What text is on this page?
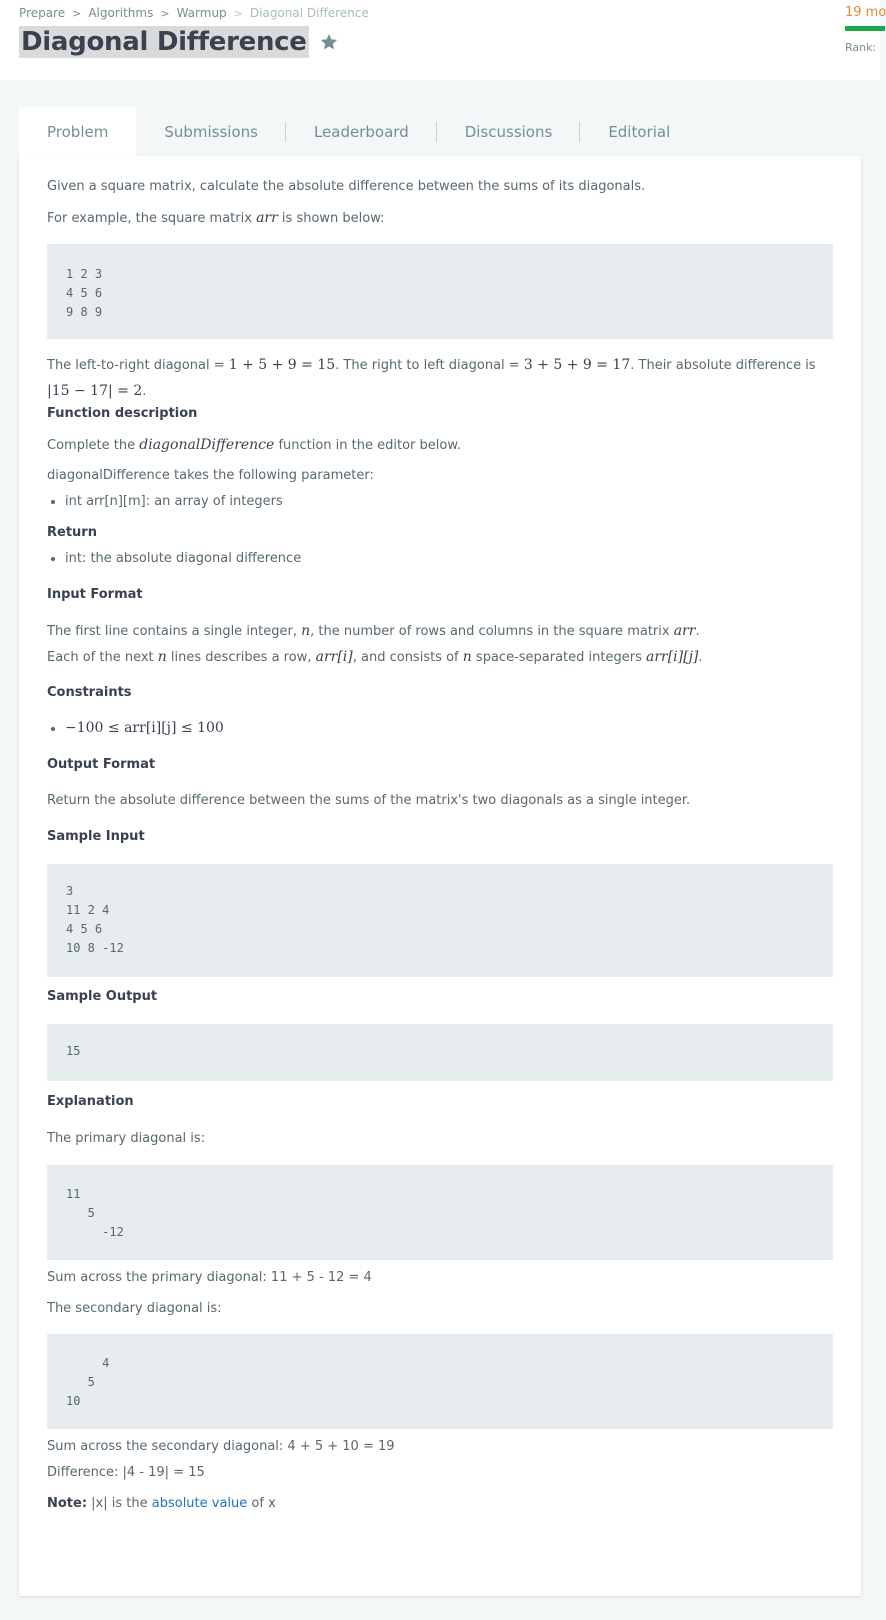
Prepare > Algorithms > Warmup > Diagonal Difference
Diagonal Difference
19 mo
Rank:
Problem	Submissions	Leaderboard	Discussions	Editorial

Given a square matrix, calculate the absolute difference between the sums of its diagonals.

For example, the square matrix arr is shown below:

1 2 3
4 5 6
9 8 9

The left-to-right diagonal = 1 + 5 + 9 = 15. The right to left diagonal = 3 + 5 + 9 = 17. Their absolute difference is

|15 − 17| = 2.

Function description

Complete the diagonalDifference function in the editor below.

diagonalDifference takes the following parameter:

• int arr[n][m]: an array of integers

Return

• int: the absolute diagonal difference

Input Format

The first line contains a single integer, n, the number of rows and columns in the square matrix arr.

Each of the next n lines describes a row, arr[i], and consists of n space-separated integers arr[i][j].

Constraints

• −100 ≤ arr[i][j] ≤ 100

Output Format

Return the absolute difference between the sums of the matrix's two diagonals as a single integer.

Sample Input

3
11 2 4
4 5 6
10 8 -12

Sample Output

15

Explanation

The primary diagonal is:

11
5
-12

Sum across the primary diagonal: 11 + 5 - 12 = 4

The secondary diagonal is:

4
5
10

Sum across the secondary diagonal: 4 + 5 + 10 = 19

Difference: |4 - 19| = 15

Note: |x| is the absolute value of x
